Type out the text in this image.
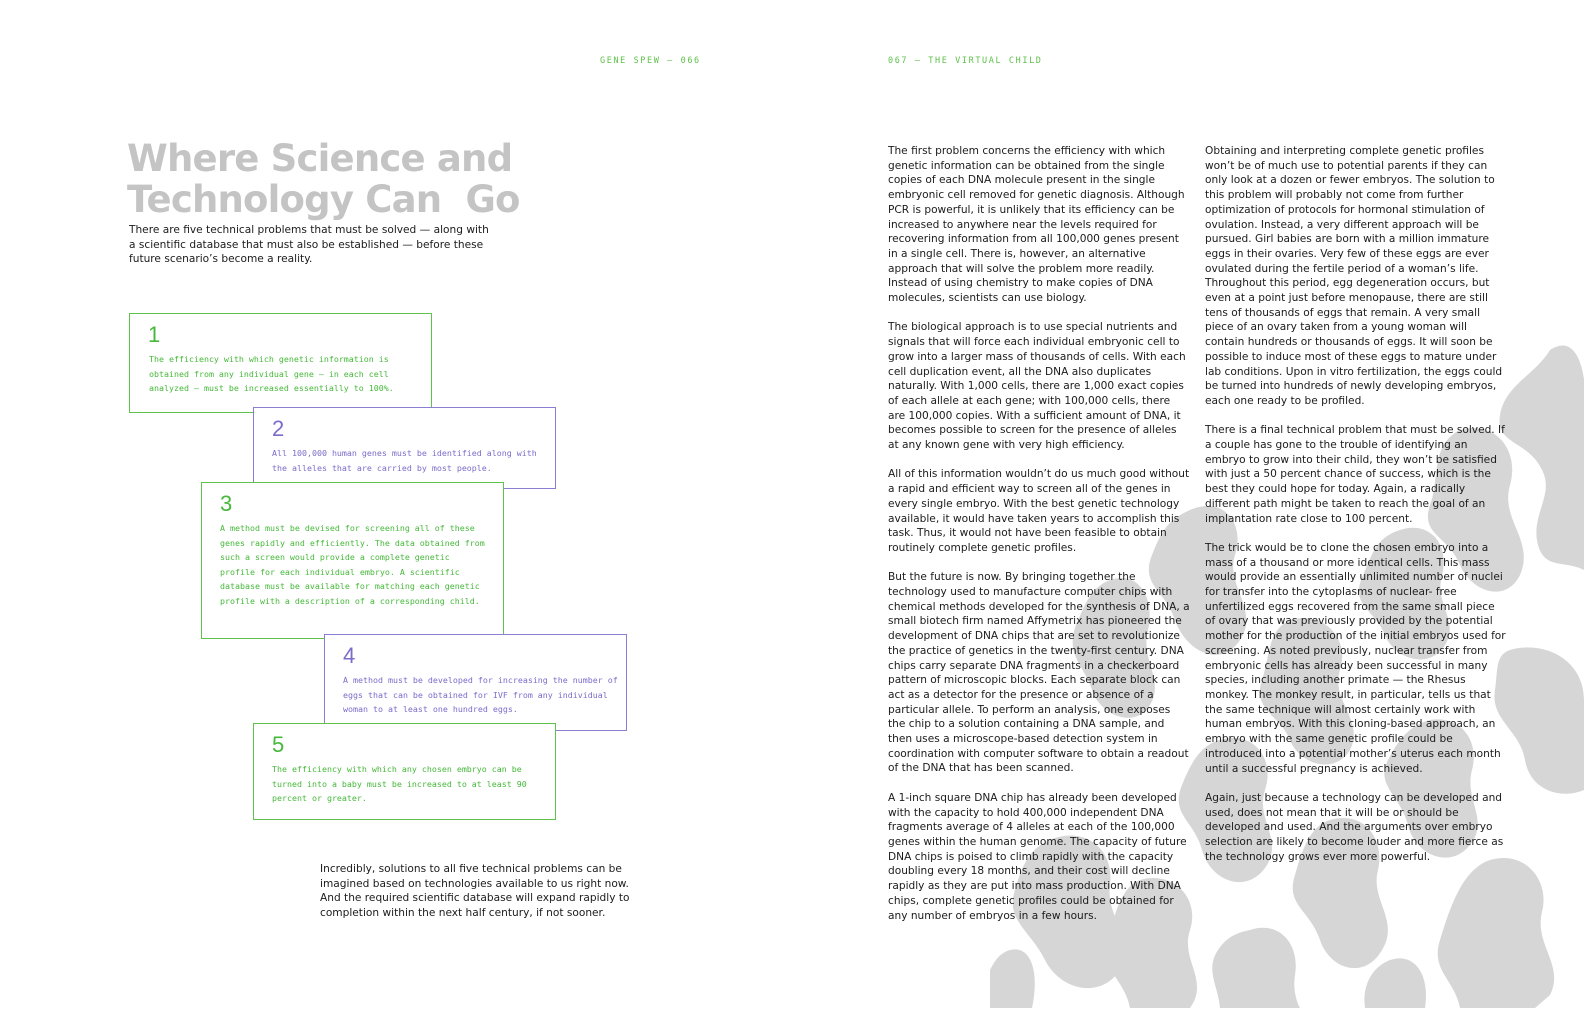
GENE SPEW — 066	067 — THE VIRTUAL CHILD
Where Science and
Technology Can  Go

There are five technical problems that must be solved — along with a scientific database that must also be established — before these future scenario’s become a reality.

1

The efficiency with which genetic information is obtained from any individual gene — in each cell analyzed — must be increased essentially to 100%.

2

All 100,000 human genes must be identified along with the alleles that are carried by most people.

3

A method must be devised for screening all of these genes rapidly and efficiently. The data obtained from such a screen would provide a complete genetic profile for each individual embryo. A scientific database must be available for matching each genetic profile with a description of a corresponding child.

4

A method must be developed for increasing the number of eggs that can be obtained for IVF from any individual woman to at least one hundred eggs.

5

The efficiency with which any chosen embryo can be turned into a baby must be increased to at least 90 percent or greater.

Incredibly, solutions to all five technical problems can be imagined based on technologies available to us right now. And the required scientific database will expand rapidly to completion within the next half century, if not sooner.

The first problem concerns the efficiency with which genetic information can be obtained from the single copies of each DNA molecule present in the single embryonic cell removed for genetic diagnosis. Although PCR is powerful, it is unlikely that its efficiency can be increased to anywhere near the levels required for recovering information from all 100,000 genes present in a single cell. There is, however, an alternative approach that will solve the problem more readily. Instead of using chemistry to make copies of DNA molecules, scientists can use biology.

The biological approach is to use special nutrients and signals that will force each individual embryonic cell to grow into a larger mass of thousands of cells. With each cell duplication event, all the DNA also duplicates naturally. With 1,000 cells, there are 1,000 exact copies of each allele at each gene; with 100,000 cells, there are 100,000 copies. With a sufficient amount of DNA, it becomes possible to screen for the presence of alleles at any known gene with very high efficiency.

All of this information wouldn’t do us much good without a rapid and efficient way to screen all of the genes in every single embryo. With the best genetic technology available, it would have taken years to accomplish this task. Thus, it would not have been feasible to obtain routinely complete genetic profiles.

But the future is now. By bringing together the technology used to manufacture computer chips with chemical methods developed for the synthesis of DNA, a small biotech firm named Affymetrix has pioneered the development of DNA chips that are set to revolutionize the practice of genetics in the twenty-first century. DNA chips carry separate DNA fragments in a checkerboard pattern of microscopic blocks. Each separate block can act as a detector for the presence or absence of a particular allele. To perform an analysis, one exposes the chip to a solution containing a DNA sample, and then uses a microscope-based detection system in coordination with computer software to obtain a readout of the DNA that has been scanned.

A 1-inch square DNA chip has already been developed with the capacity to hold 400,000 independent DNA fragments average of 4 alleles at each of the 100,000 genes within the human genome. The capacity of future DNA chips is poised to climb rapidly with the capacity doubling every 18 months, and their cost will decline rapidly as they are put into mass production. With DNA chips, complete genetic profiles could be obtained for any number of embryos in a few hours.

Obtaining and interpreting complete genetic profiles won’t be of much use to potential parents if they can only look at a dozen or fewer embryos. The solution to this problem will probably not come from further optimization of protocols for hormonal stimulation of ovulation. Instead, a very different approach will be pursued. Girl babies are born with a million immature eggs in their ovaries. Very few of these eggs are ever ovulated during the fertile period of a woman’s life. Throughout this period, egg degeneration occurs, but even at a point just before menopause, there are still tens of thousands of eggs that remain. A very small piece of an ovary taken from a young woman will contain hundreds or thousands of eggs. It will soon be possible to induce most of these eggs to mature under lab conditions. Upon in vitro fertilization, the eggs could be turned into hundreds of newly developing embryos, each one ready to be profiled.

There is a final technical problem that must be solved. If a couple has gone to the trouble of identifying an embryo to grow into their child, they won’t be satisfied with just a 50 percent chance of success, which is the best they could hope for today. Again, a radically different path might be taken to reach the goal of an implantation rate close to 100 percent.

The trick would be to clone the chosen embryo into a mass of a thousand or more identical cells. This mass would provide an essentially unlimited number of nuclei for transfer into the cytoplasms of nuclear- free unfertilized eggs recovered from the same small piece of ovary that was previously provided by the potential mother for the production of the initial embryos used for screening. As noted previously, nuclear transfer from embryonic cells has already been successful in many species, including another primate — the Rhesus monkey. The monkey result, in particular, tells us that the same technique will almost certainly work with human embryos. With this cloning-based approach, an embryo with the same genetic profile could be introduced into a potential mother’s uterus each month until a successful pregnancy is achieved.

Again, just because a technology can be developed and used, does not mean that it will be or should be developed and used. And the arguments over embryo selection are likely to become louder and more fierce as the technology grows ever more powerful.
